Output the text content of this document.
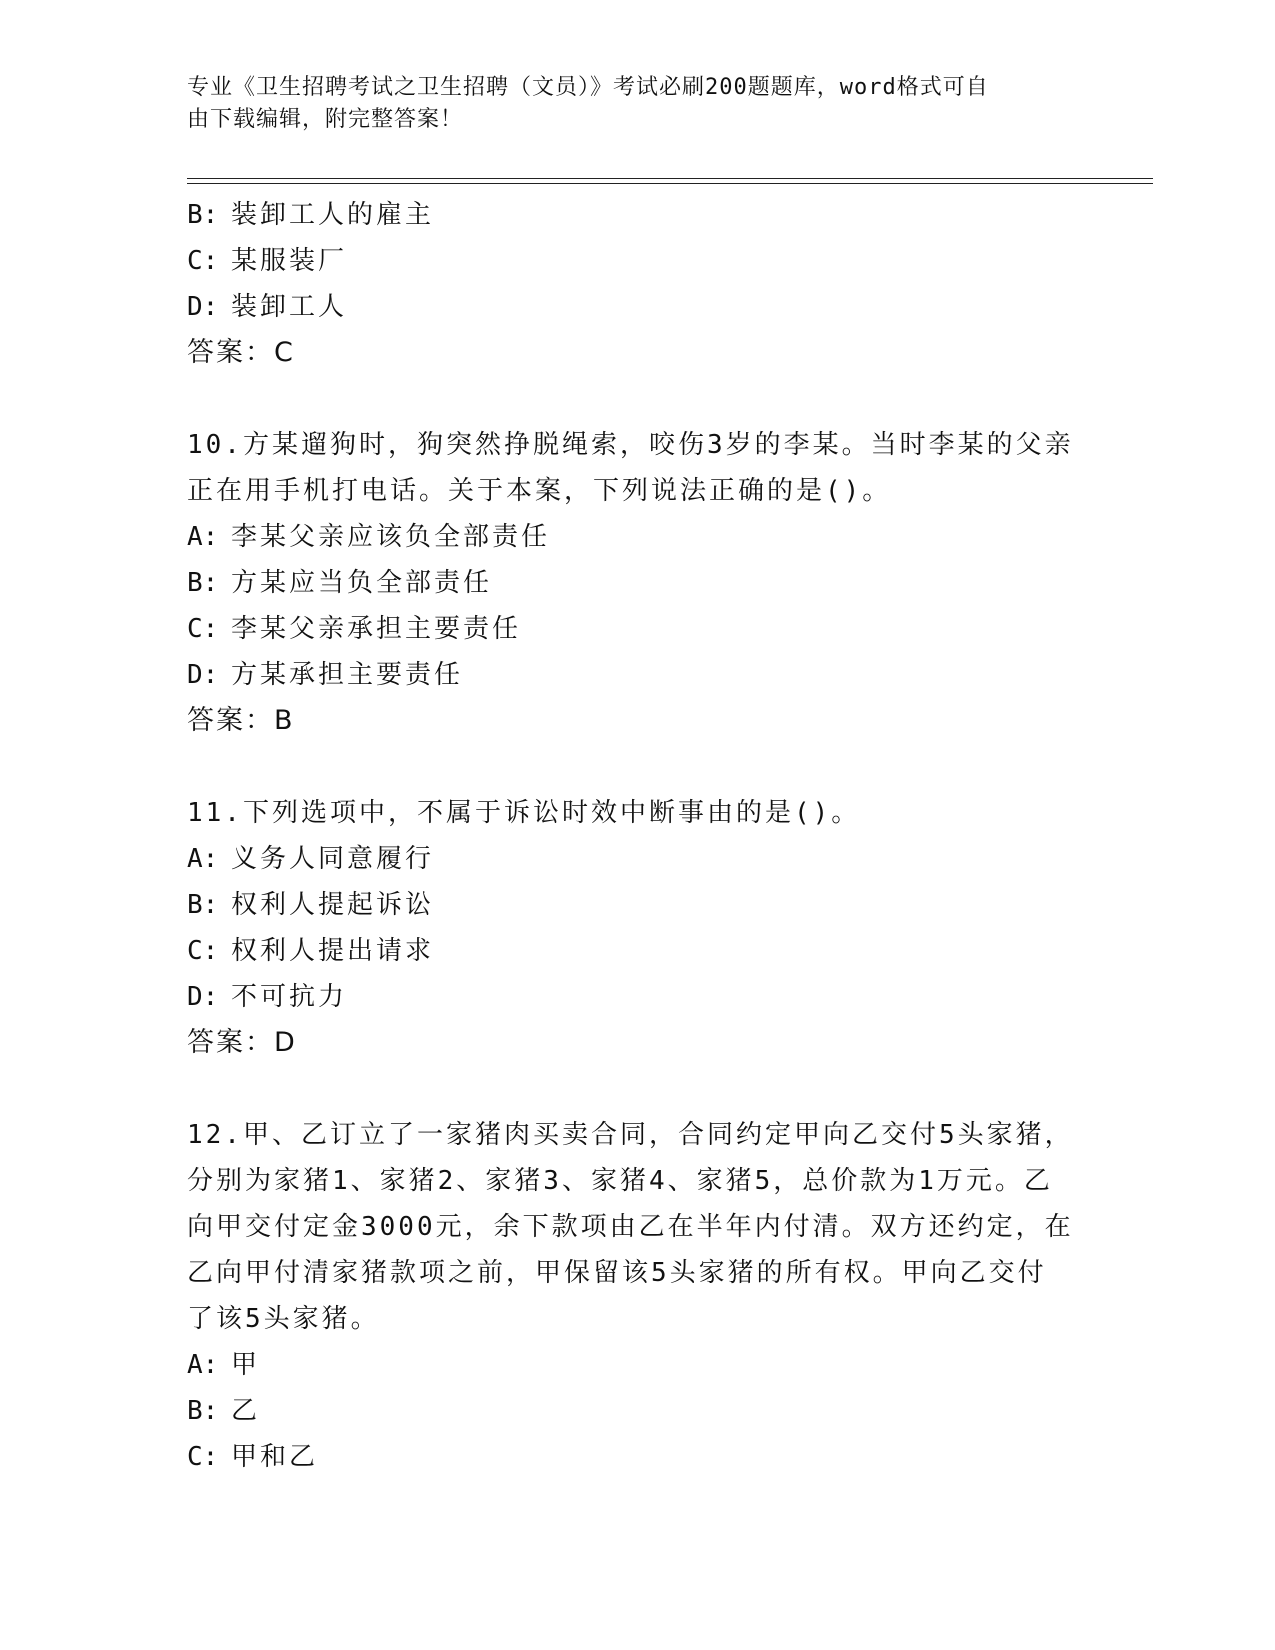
专业《卫生招聘考试之卫生招聘（文员）》考试必刷200题题库，word格式可自
由下载编辑，附完整答案！
B: 装卸工人的雇主
C: 某服装厂
D: 装卸工人
答案：C
10.方某遛狗时，狗突然挣脱绳索，咬伤3岁的李某。当时李某的父亲
正在用手机打电话。关于本案，下列说法正确的是()。
A: 李某父亲应该负全部责任
B: 方某应当负全部责任
C: 李某父亲承担主要责任
D: 方某承担主要责任
答案：B
11.下列选项中，不属于诉讼时效中断事由的是()。
A: 义务人同意履行
B: 权利人提起诉讼
C: 权利人提出请求
D: 不可抗力
答案：D
12.甲、乙订立了一家猪肉买卖合同，合同约定甲向乙交付5头家猪，
分别为家猪1、家猪2、家猪3、家猪4、家猪5，总价款为1万元。乙
向甲交付定金3000元，余下款项由乙在半年内付清。双方还约定，在
乙向甲付清家猪款项之前，甲保留该5头家猪的所有权。甲向乙交付
了该5头家猪。
A: 甲
B: 乙
C: 甲和乙
